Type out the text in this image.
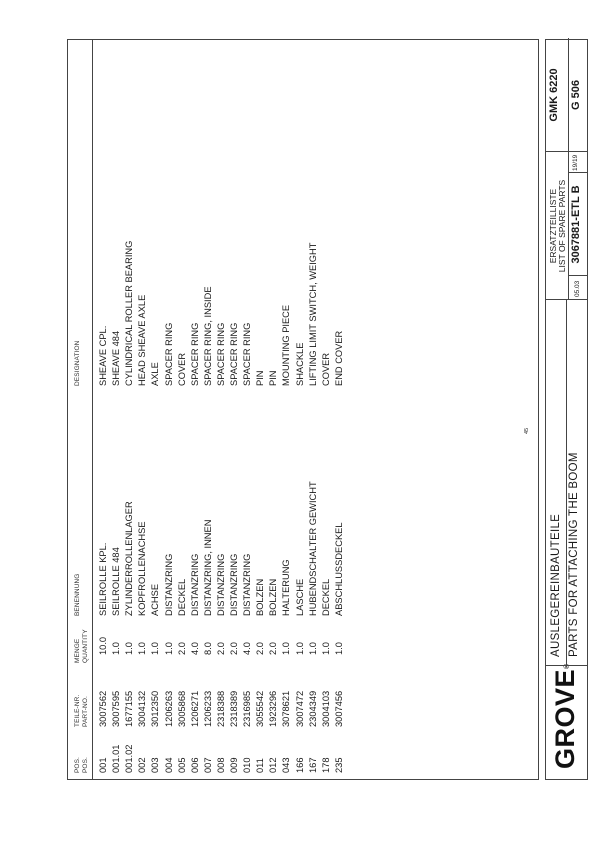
POS. POS.
TEILE-NR. PART-NO.
MENGE QUANTITY
BENENNUNG
DESIGNATION
001
3007562
10.0
SEILROLLE KPL.
SHEAVE CPL.
001.01
3007595
1.0
SEILROLLE 484
SHEAVE 484
001.02
1677155
1.0
ZYLINDERROLLENLAGER
CYLINDRICAL ROLLER BEARING
002
3004132
1.0
KOPFROLLENACHSE
HEAD SHEAVE AXLE
003
3012350
1.0
ACHSE
AXLE
004
1206263
1.0
DISTANZRING
SPACER RING
005
3005868
2.0
DECKEL
COVER
006
1206271
4.0
DISTANZRING
SPACER RING
007
1206233
8.0
DISTANZRING, INNEN
SPACER RING, INSIDE
008
2318388
2.0
DISTANZRING
SPACER RING
009
2318389
2.0
DISTANZRING
SPACER RING
010
2316985
4.0
DISTANZRING
SPACER RING
011
3055542
2.0
BOLZEN
PIN
012
1923296
2.0
BOLZEN
PIN
043
3078621
1.0
HALTERUNG
MOUNTING PIECE
166
3007472
1.0
LASCHE
SHACKLE
167
2304349
1.0
HUBENDSCHALTER GEWICHT
LIFTING LIMIT SWITCH, WEIGHT
178
3004103
1.0
DECKEL
COVER
235
3007456
1.0
ABSCHLUSSDECKEL
END COVER
45
GROVE®
AUSLEGEREINBAUTEILE PARTS FOR ATTACHING THE BOOM
ERSATZTEILLISTE LIST OF SPARE PARTS
05.03
3067881-ETL B
19/19
GMK 6220 G 506
